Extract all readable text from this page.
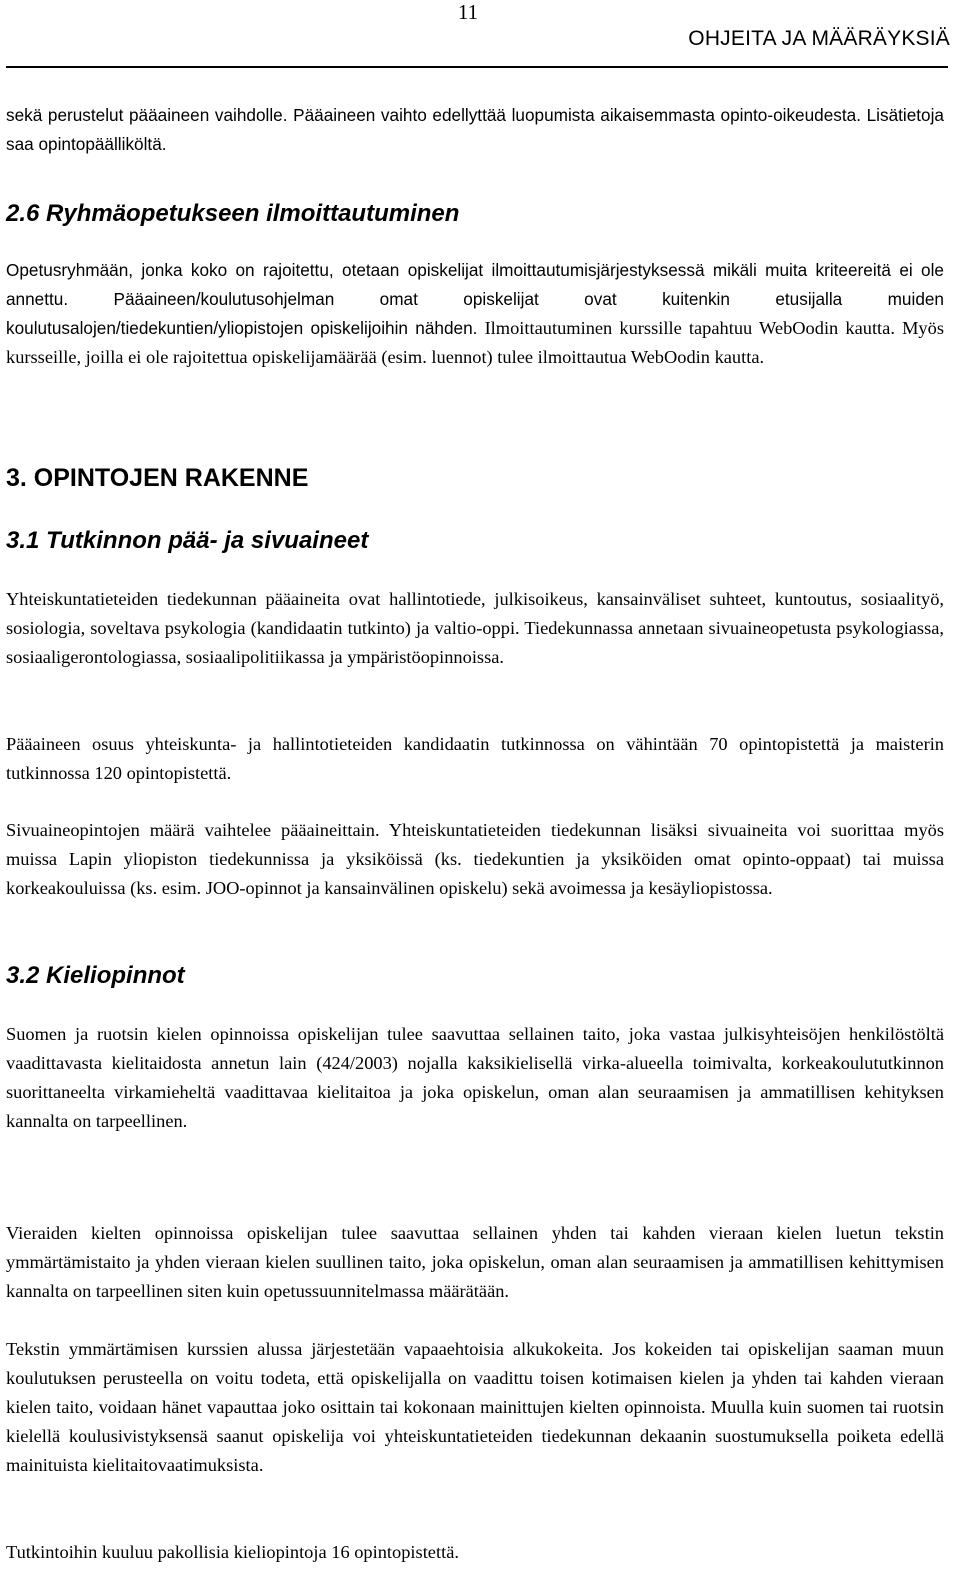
11
OHJEITA JA MÄÄRÄYKSIÄ

sekä perustelut pääaineen vaihdolle. Pääaineen vaihto edellyttää luopumista aikaisemmasta opinto-oikeudesta. Lisätietoja saa opintopäälliköltä.

2.6 Ryhmäopetukseen ilmoittautuminen

Opetusryhmään, jonka koko on rajoitettu, otetaan opiskelijat ilmoittautumisjärjestyksessä mikäli muita kriteereitä ei ole annettu. Pääaineen/koulutusohjelman omat opiskelijat ovat kuitenkin etusijalla muiden koulutusalojen/tiedekuntien/yliopistojen opiskelijoihin nähden. Ilmoittautuminen kurssille tapahtuu WebOodin kautta. Myös kursseille, joilla ei ole rajoitettua opiskelijamäärää (esim. luennot) tulee ilmoittautua WebOodin kautta.

3. OPINTOJEN RAKENNE
3.1 Tutkinnon pää- ja sivuaineet

Yhteiskuntatieteiden tiedekunnan pääaineita ovat hallintotiede, julkisoikeus, kansainväliset suhteet, kuntoutus, sosiaalityö, sosiologia, soveltava psykologia (kandidaatin tutkinto) ja valtio-oppi. Tiedekunnassa annetaan sivuaineopetusta psykologiassa, sosiaaligerontologiassa, sosiaalipolitiikassa ja ympäristöopinnoissa.

Pääaineen osuus yhteiskunta- ja hallintotieteiden kandidaatin tutkinnossa on vähintään 70 opintopistettä ja maisterin tutkinnossa 120 opintopistettä.

Sivuaineopintojen määrä vaihtelee pääaineittain. Yhteiskuntatieteiden tiedekunnan lisäksi sivuaineita voi suorittaa myös muissa Lapin yliopiston tiedekunnissa ja yksiköissä (ks. tiedekuntien ja yksiköiden omat opinto-oppaat) tai muissa korkeakouluissa (ks. esim. JOO-opinnot ja kansainvälinen opiskelu) sekä avoimessa ja kesäyliopistossa.

3.2 Kieliopinnot

Suomen ja ruotsin kielen opinnoissa opiskelijan tulee saavuttaa sellainen taito, joka vastaa julkisyhteisöjen henkilöstöltä vaadittavasta kielitaidosta annetun lain (424/2003) nojalla kaksikielisellä virka-alueella toimivalta, korkeakoulututkinnon suorittaneelta virkamieheltä vaadittavaa kielitaitoa ja joka opiskelun, oman alan seuraamisen ja ammatillisen kehityksen kannalta on tarpeellinen.

Vieraiden kielten opinnoissa opiskelijan tulee saavuttaa sellainen yhden tai kahden vieraan kielen luetun tekstin ymmärtämistaito ja yhden vieraan kielen suullinen taito, joka opiskelun, oman alan seuraamisen ja ammatillisen kehittymisen kannalta on tarpeellinen siten kuin opetussuunnitelmassa määrätään.

Tekstin ymmärtämisen kurssien alussa järjestetään vapaaehtoisia alkukokeita. Jos kokeiden tai opiskelijan saaman muun koulutuksen perusteella on voitu todeta, että opiskelijalla on vaadittu toisen kotimaisen kielen ja yhden tai kahden vieraan kielen taito, voidaan hänet vapauttaa joko osittain tai kokonaan mainittujen kielten opinnoista. Muulla kuin suomen tai ruotsin kielellä koulusivistyksensä saanut opiskelija voi yhteiskuntatieteiden tiedekunnan dekaanin suostumuksella poiketa edellä mainituista kielitaitovaatimuksista.

Tutkintoihin kuuluu pakollisia kieliopintoja 16 opintopistettä.
